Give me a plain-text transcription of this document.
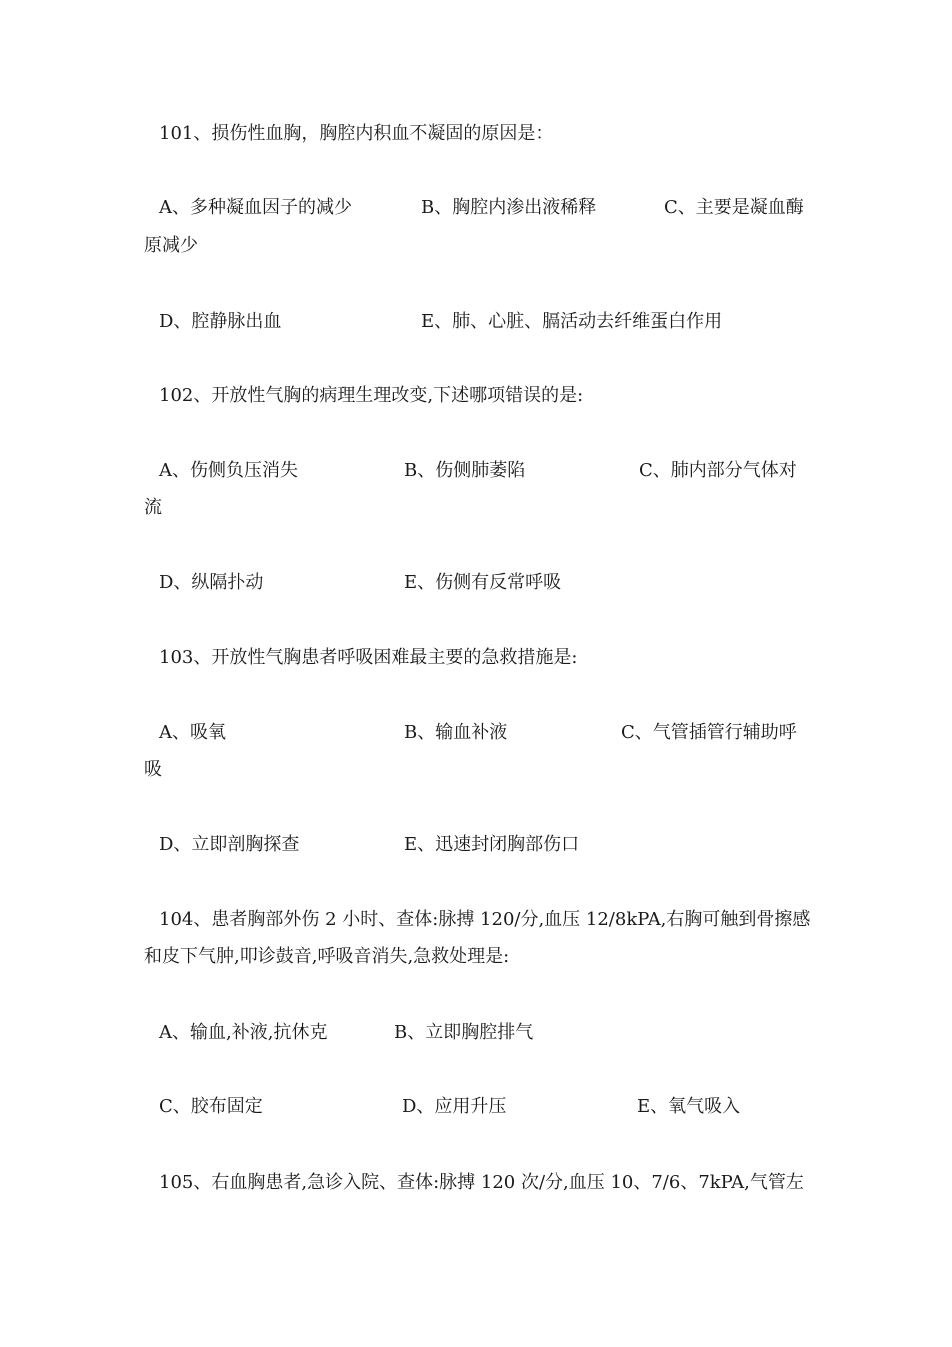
101、损伤性血胸，胸腔内积血不凝固的原因是：
A、多种凝血因子的减少	B、胸腔内渗出液稀释	C、主要是凝血酶
原减少
D、腔静脉出血	E、肺、心脏、膈活动去纤维蛋白作用
102、开放性气胸的病理生理改变,下述哪项错误的是:
A、伤侧负压消失	B、伤侧肺萎陷	C、肺内部分气体对
流
D、纵隔扑动	E、伤侧有反常呼吸
103、开放性气胸患者呼吸困难最主要的急救措施是:
A、吸氧	B、输血补液	C、气管插管行辅助呼
吸
D、立即剖胸探查	E、迅速封闭胸部伤口
104、患者胸部外伤 2 小时、查体:脉搏 120/分,血压 12/8kPA,右胸可触到骨擦感
和皮下气肿,叩诊鼓音,呼吸音消失,急救处理是:
A、输血,补液,抗休克	B、立即胸腔排气
C、胶布固定	D、应用升压	E、氧气吸入
105、右血胸患者,急诊入院、查体:脉搏 120 次/分,血压 10、7/6、7kPA,气管左
